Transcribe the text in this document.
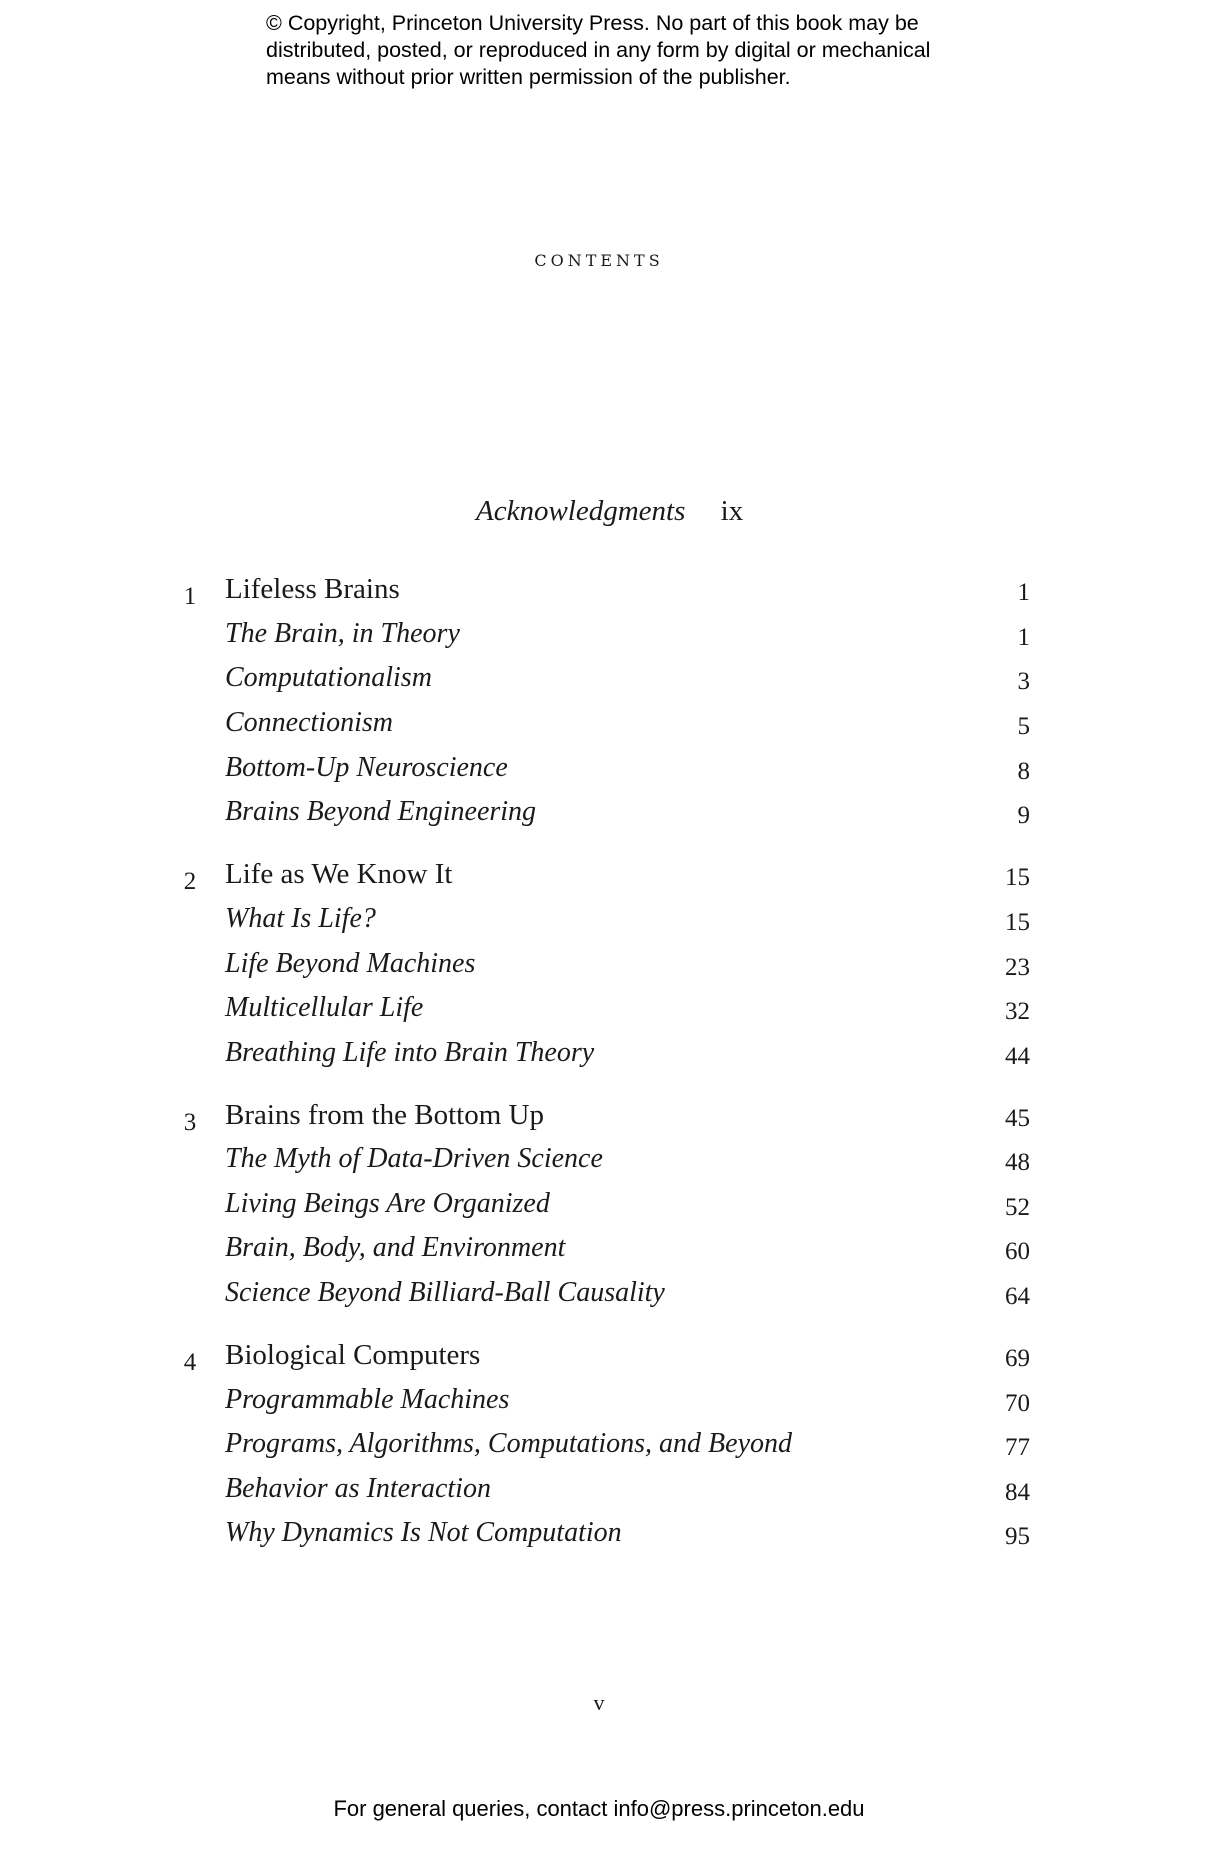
© Copyright, Princeton University Press. No part of this book may be
distributed, posted, or reproduced in any form by digital or mechanical
means without prior written permission of the publisher.
contents
Acknowledgments ix
1 Lifeless Brains	1
The Brain, in Theory	1
Computationalism	3
Connectionism	5
Bottom-Up Neuroscience	8
Brains Beyond Engineering	9
2 Life as We Know It	15
What Is Life?	15
Life Beyond Machines	23
Multicellular Life	32
Breathing Life into Brain Theory	44
3 Brains from the Bottom Up	45
The Myth of Data-Driven Science	48
Living Beings Are Organized	52
Brain, Body, and Environment	60
Science Beyond Billiard-Ball Causality	64
4 Biological Computers	69
Programmable Machines	70
Programs, Algorithms, Computations, and Beyond	77
Behavior as Interaction	84
Why Dynamics Is Not Computation	95
v
For general queries, contact info@press.princeton.edu
